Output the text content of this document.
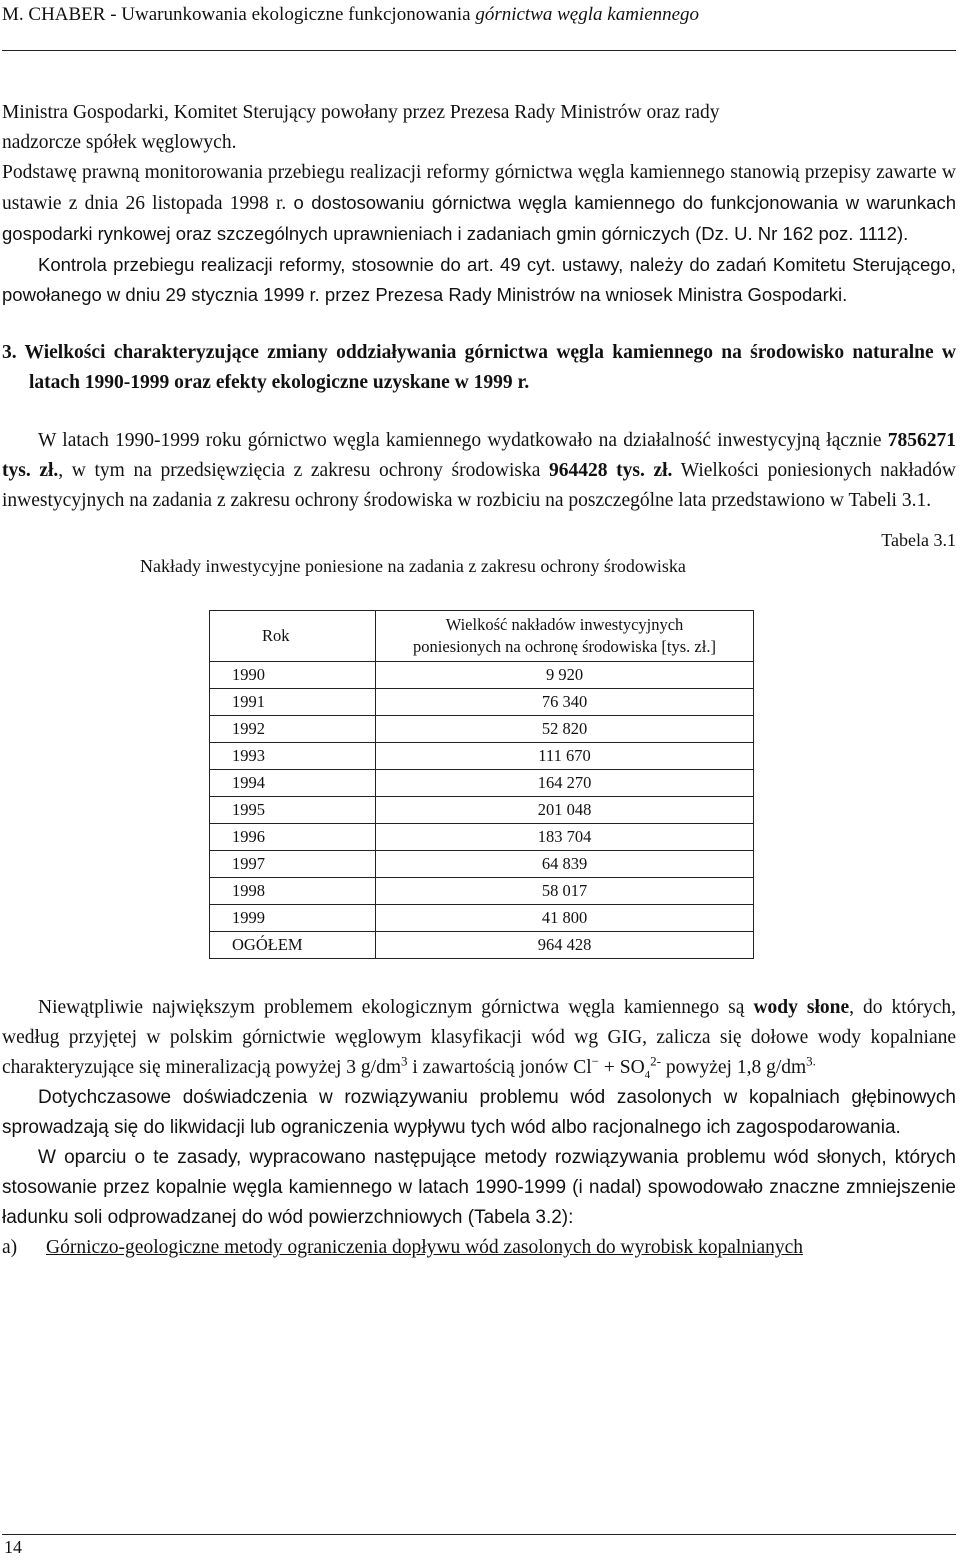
M. CHABER - Uwarunkowania ekologiczne funkcjonowania górnictwa węgla kamiennego

Ministra Gospodarki, Komitet Sterujący powołany przez Prezesa Rady Ministrów oraz rady

nadzorcze spółek węglowych.

Podstawę prawną monitorowania przebiegu realizacji reformy górnictwa węgla kamiennego stanowią przepisy zawarte w ustawie z dnia 26 listopada 1998 r. o dostosowaniu górnictwa węgla kamiennego do funkcjonowania w warunkach gospodarki rynkowej oraz szczególnych uprawnieniach i zadaniach gmin górniczych (Dz. U. Nr 162 poz. 1112).

Kontrola przebiegu realizacji reformy, stosownie do art. 49 cyt. ustawy, należy do zadań Komitetu Sterującego, powołanego w dniu 29 stycznia 1999 r. przez Prezesa Rady Ministrów na wniosek Ministra Gospodarki.

3. Wielkości charakteryzujące zmiany oddziaływania górnictwa węgla kamiennego na środowisko naturalne w latach 1990-1999 oraz efekty ekologiczne uzyskane w 1999 r.

W latach 1990-1999 roku górnictwo węgla kamiennego wydatkowało na działalność inwestycyjną łącznie 7856271 tys. zł., w tym na przedsięwzięcia z zakresu ochrony środowiska 964428 tys. zł. Wielkości poniesionych nakładów inwestycyjnych na zadania z zakresu ochrony środowiska w rozbiciu na poszczególne lata przedstawiono w Tabeli 3.1.

Tabela 3.1
Nakłady inwestycyjne poniesione na zadania z zakresu ochrony środowiska
Rok	Wielkość nakładów inwestycyjnych
poniesionych na ochronę środowiska [tys. zł.]
1990	9 920
1991	76 340
1992	52 820
1993	111 670
1994	164 270
1995	201 048
1996	183 704
1997	64 839
1998	58 017
1999	41 800
OGÓŁEM	964 428

Niewątpliwie największym problemem ekologicznym górnictwa węgla kamiennego są wody słone, do których, według przyjętej w polskim górnictwie węglowym klasyfikacji wód wg GIG, zalicza się dołowe wody kopalniane charakteryzujące się mineralizacją powyżej 3 $g/dm^3$ i zawartością jonów $Cl^- + SO_4^{2-}$ powyżej 1,8 $g/dm^{3.}$

Dotychczasowe doświadczenia w rozwiązywaniu problemu wód zasolonych w kopalniach głębinowych sprowadzają się do likwidacji lub ograniczenia wypływu tych wód albo racjonalnego ich zagospodarowania.

W oparciu o te zasady, wypracowano następujące metody rozwiązywania problemu wód słonych, których stosowanie przez kopalnie węgla kamiennego w latach 1990-1999 (i nadal) spowodowało znaczne zmniejszenie ładunku soli odprowadzanej do wód powierzchniowych (Tabela 3.2):

a) Górniczo-geologiczne metody ograniczenia dopływu wód zasolonych do wyrobisk kopalnianych

14
